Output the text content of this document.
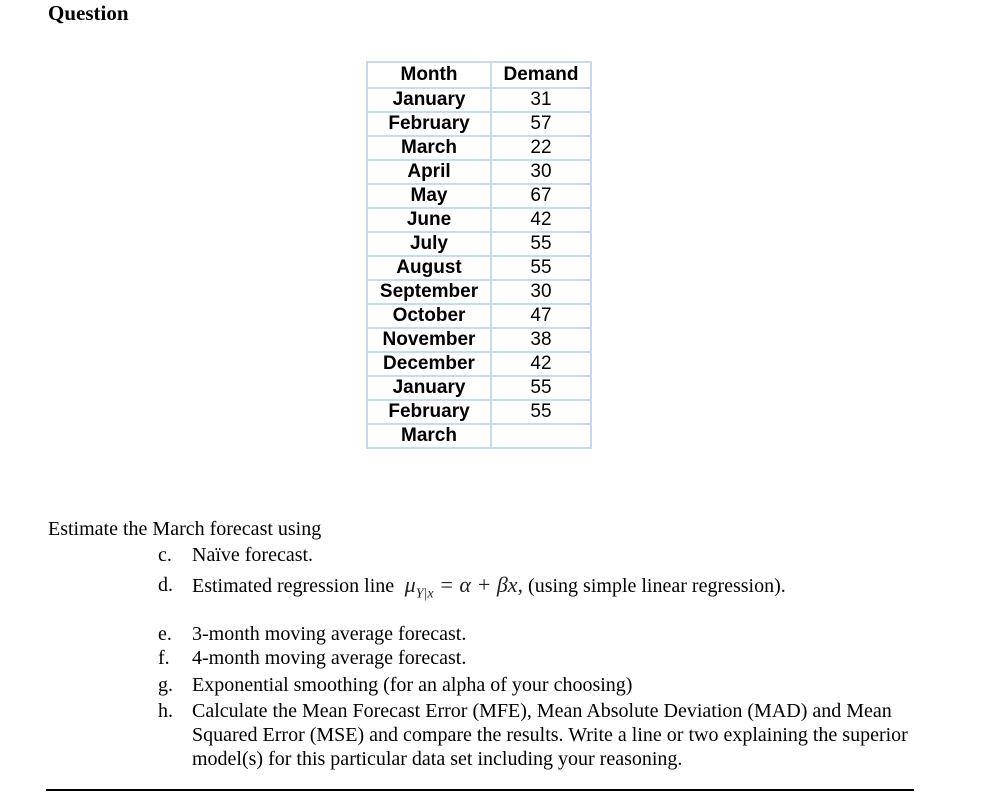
Question
Month	Demand
January	31
February	57
March	22
April	30
May	67
June	42
July	55
August	55
September	30
October	47
November	38
December	42
January	55
February	55
March	
Estimate the March forecast using
c. Naïve forecast.
d. Estimated regression line $\mu_{Y|x} = \alpha + \beta x$, (using simple linear regression).
e. 3-month moving average forecast.
f. 4-month moving average forecast.
g. Exponential smoothing (for an alpha of your choosing)
h. Calculate the Mean Forecast Error (MFE), Mean Absolute Deviation (MAD) and Mean Squared Error (MSE) and compare the results. Write a line or two explaining the superior model(s) for this particular data set including your reasoning.
